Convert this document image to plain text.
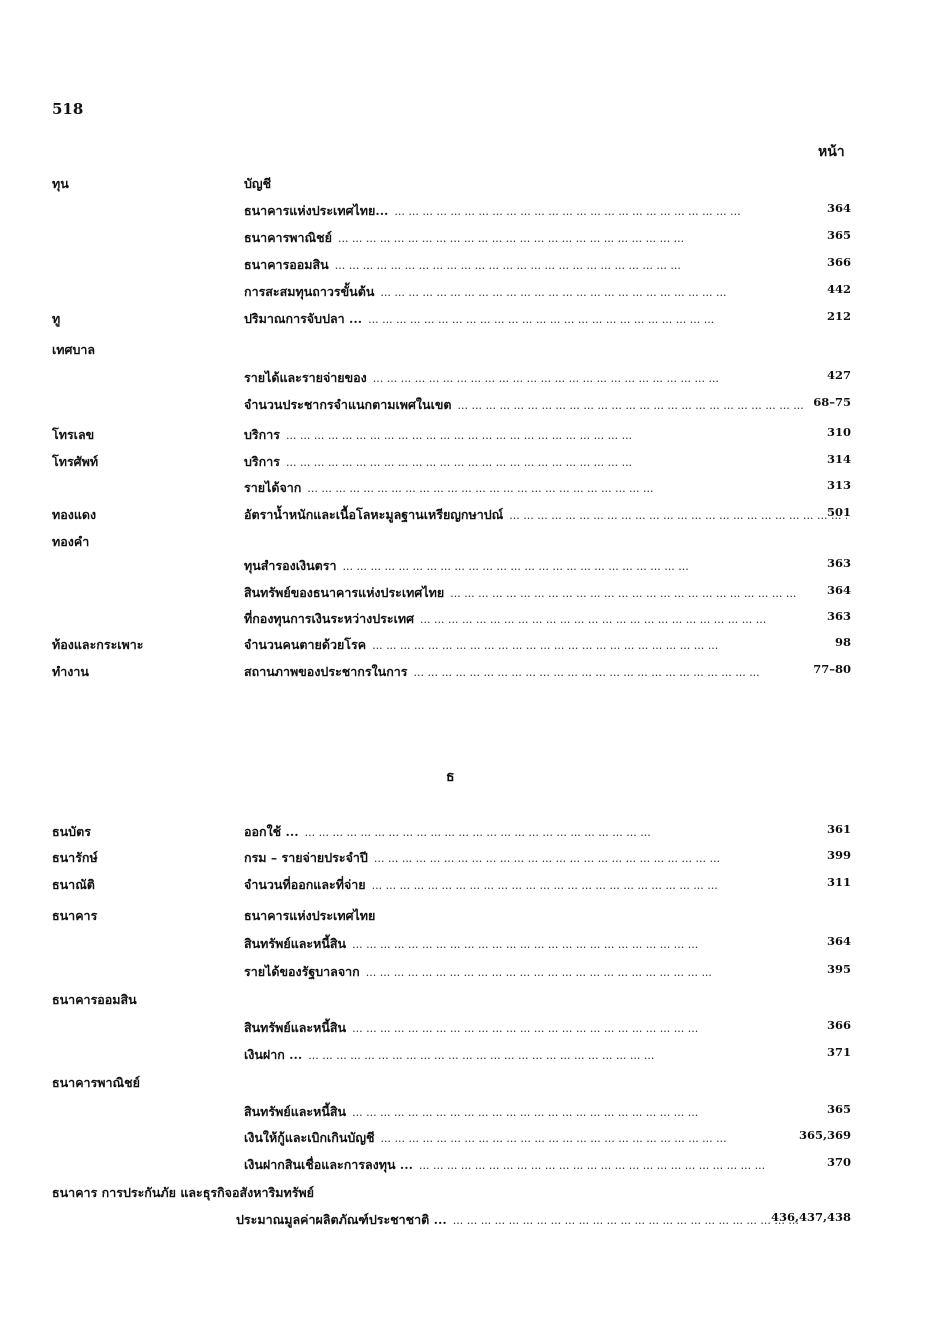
518
หน้า
ทุน	บัญชี
ธนาคารแห่งประเทศไทย... ...	364
ธนาคารพาณิชย์ ...	365
ธนาคารออมสิน ...	366
การสะสมทุนถาวรขั้นต้น ...	442
ทู	ปริมาณการจับปลา ... ...	212
เทศบาล
รายได้และรายจ่ายของ ...	427
จำนวนประชากรจำแนกตามเพศในเขต ...	68–75
โทรเลข	บริการ ...	310
โทรศัพท์	บริการ ...	314
รายได้จาก ...	313
ทองแดง	อัตราน้ำหนักและเนื้อโลหะมูลฐานเหรียญกษาปณ์ ...	501
ทองคำ
ทุนสำรองเงินตรา ...	363
สินทรัพย์ของธนาคารแห่งประเทศไทย ...	364
ที่กองทุนการเงินระหว่างประเทศ ...	363
ท้องและกระเพาะ	จำนวนคนตายด้วยโรค ...	98
ทำงาน	สถานภาพของประชากรในการ ...	77–80
ธ
ธนบัตร	ออกใช้ ... ...	361
ธนารักษ์	กรม – รายจ่ายประจำปี ...	399
ธนาณัติ	จำนวนที่ออกและที่จ่าย ...	311
ธนาคาร	ธนาคารแห่งประเทศไทย
สินทรัพย์และหนี้สิน ...	364
รายได้ของรัฐบาลจาก ...	395
ธนาคารออมสิน
สินทรัพย์และหนี้สิน ...	366
เงินฝาก ... ...	371
ธนาคารพาณิชย์
สินทรัพย์และหนี้สิน ...	365
เงินให้กู้และเบิกเกินบัญชี ...	365,369
เงินฝากสินเชื่อและการลงทุน ... ...	370
ธนาคาร การประกันภัย และธุรกิจอสังหาริมทรัพย์
ประมาณมูลค่าผลิตภัณฑ์ประชาชาติ ... ...	436,437,438
